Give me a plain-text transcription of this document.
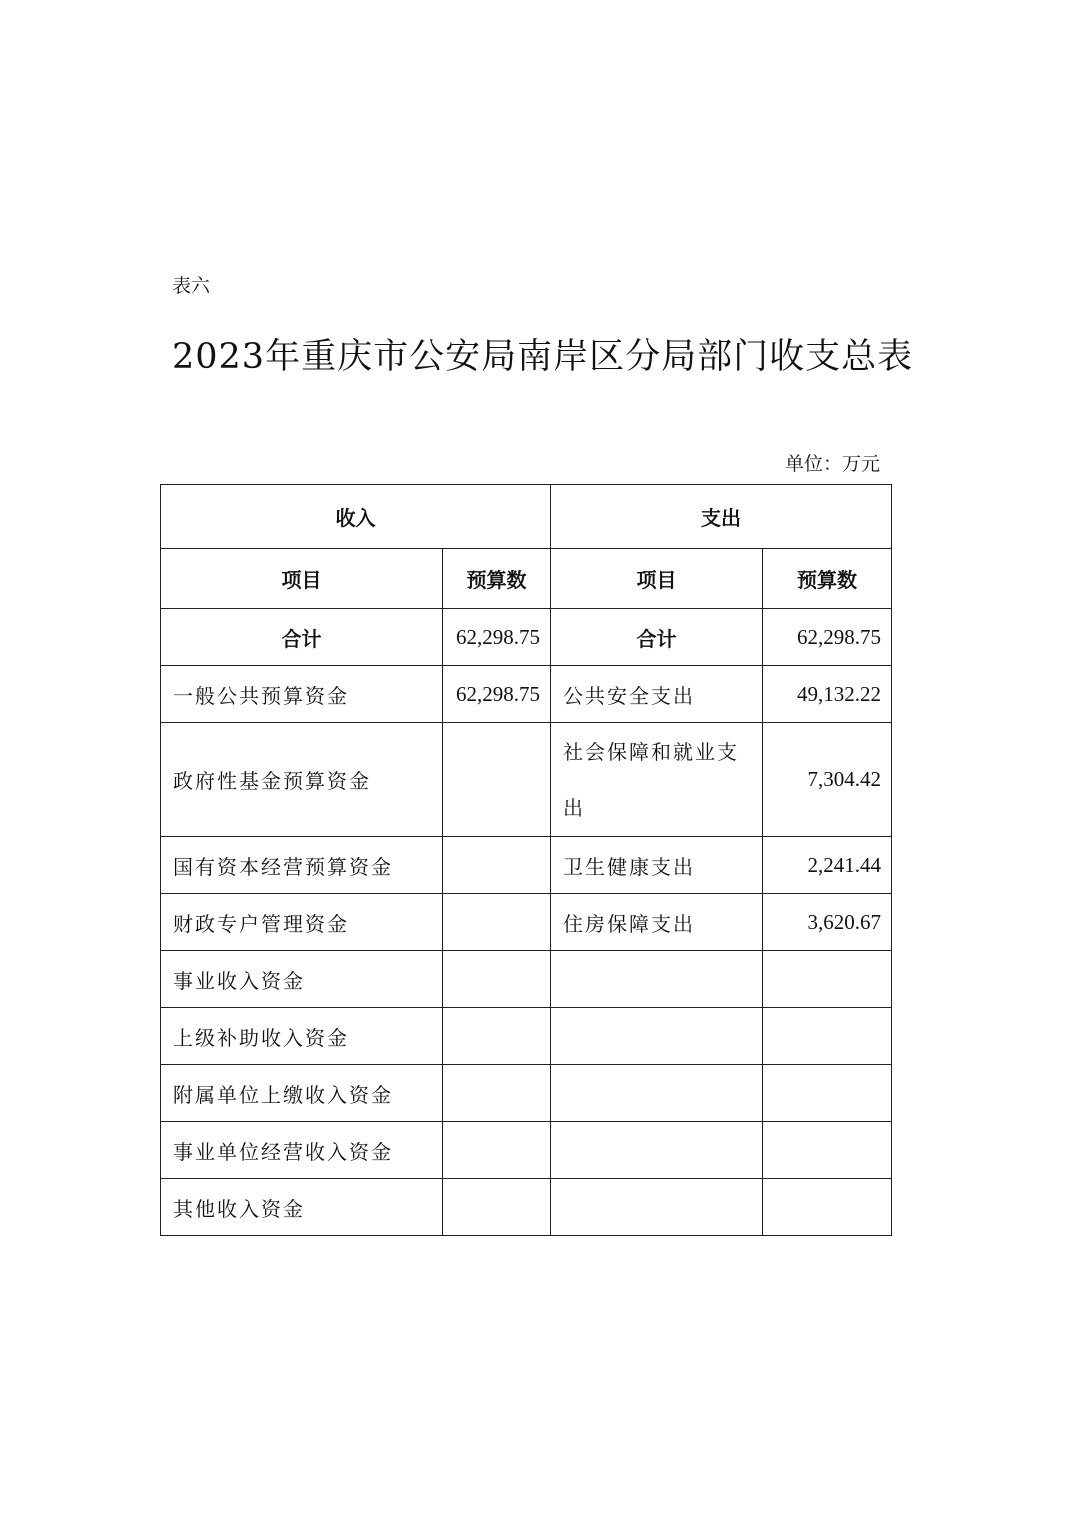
表六
2023年重庆市公安局南岸区分局部门收支总表
单位：万元
收入		支出	
项目	预算数	项目	预算数
合计	62,298.75	合计	62,298.75
一般公共预算资金	62,298.75	公共安全支出	49,132.22
政府性基金预算资金		社会保障和就业支出	7,304.42
国有资本经营预算资金		卫生健康支出	2,241.44
财政专户管理资金		住房保障支出	3,620.67
事业收入资金			
上级补助收入资金			
附属单位上缴收入资金			
事业单位经营收入资金			
其他收入资金			
